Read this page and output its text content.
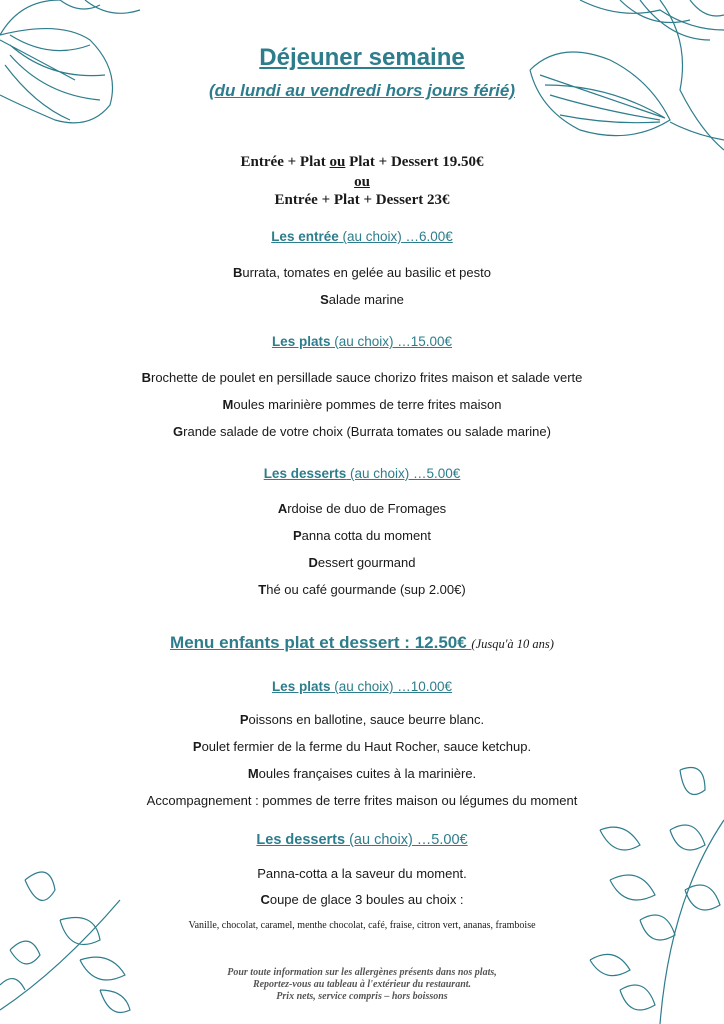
Déjeuner semaine
(du lundi au vendredi hors jours férié)
Entrée + Plat ou Plat + Dessert 19.50€
ou
Entrée + Plat + Dessert 23€
Les entrée (au choix) …6.00€
Burrata, tomates en gelée au basilic et pesto
Salade marine
Les plats (au choix) …15.00€
Brochette de poulet en persillade sauce chorizo frites maison et salade verte
Moules marinière pommes de terre frites maison
Grande salade de votre choix (Burrata tomates ou salade marine)
Les desserts (au choix) …5.00€
Ardoise de duo de Fromages
Panna cotta du moment
Dessert gourmand
Thé ou café gourmande (sup 2.00€)
Menu enfants plat et dessert : 12.50€ (Jusqu'à 10 ans)
Les plats (au choix) …10.00€
Poissons en ballotine, sauce beurre blanc.
Poulet fermier de la ferme du Haut Rocher, sauce ketchup.
Moules françaises cuites à la marinière.
Accompagnement : pommes de terre frites maison ou légumes du moment
Les desserts (au choix) …5.00€
Panna-cotta a la saveur du moment.
Coupe de glace 3 boules au choix :
Vanille, chocolat, caramel, menthe chocolat, café, fraise, citron vert, ananas, framboise
Pour toute information sur les allergènes présents dans nos plats,
Reportez-vous au tableau à l'extérieur du restaurant.
Prix nets, service compris – hors boissons
